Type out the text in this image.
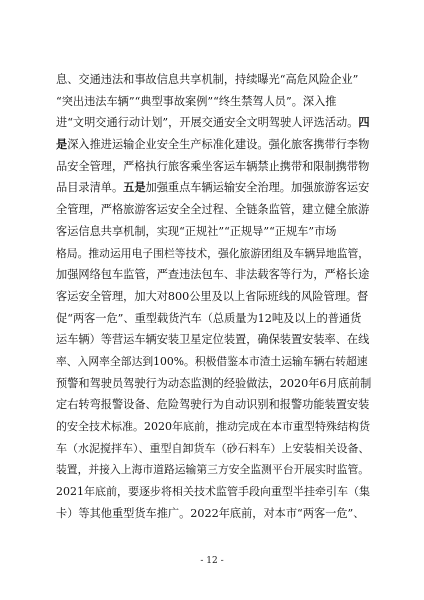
息、交通违法和事故信息共享机制，持续曝光“高危风险企业”
“突出违法车辆”“典型事故案例”“终生禁驾人员”。深入推
进“文明交通行动计划”，开展交通安全文明驾驶人评选活动。四
是深入推进运输企业安全生产标准化建设。强化旅客携带行李物
品安全管理，严格执行旅客乘坐客运车辆禁止携带和限制携带物
品目录清单。五是加强重点车辆运输安全治理。加强旅游客运安
全管理，严格旅游客运安全全过程、全链条监管，建立健全旅游
客运信息共享机制，实现“正规社”“正规导”“正规车”市场
格局。推动运用电子围栏等技术，强化旅游团组及车辆异地监管，
加强网络包车监管，严查违法包车、非法载客等行为，严格长途
客运安全管理，加大对800公里及以上省际班线的风险管理。督
促“两客一危”、重型载货汽车（总质量为12吨及以上的普通货
运车辆）等营运车辆安装卫星定位装置，确保装置安装率、在线
率、入网率全部达到100%。积极借鉴本市渣土运输车辆右转超速
预警和驾驶员驾驶行为动态监测的经验做法，2020年6月底前制
定右转弯报警设备、危险驾驶行为自动识别和报警功能装置安装
的安全技术标准。2020年底前，推动完成在本市重型特殊结构货
车（水泥搅拌车）、重型自卸货车（砂石料车）上安装相关设备、
装置，并接入上海市道路运输第三方安全监测平台开展实时监管。
2021年底前，要逐步将相关技术监管手段向重型半挂牵引车（集
卡）等其他重型货车推广。2022年底前，对本市“两客一危”、
- 12 -
